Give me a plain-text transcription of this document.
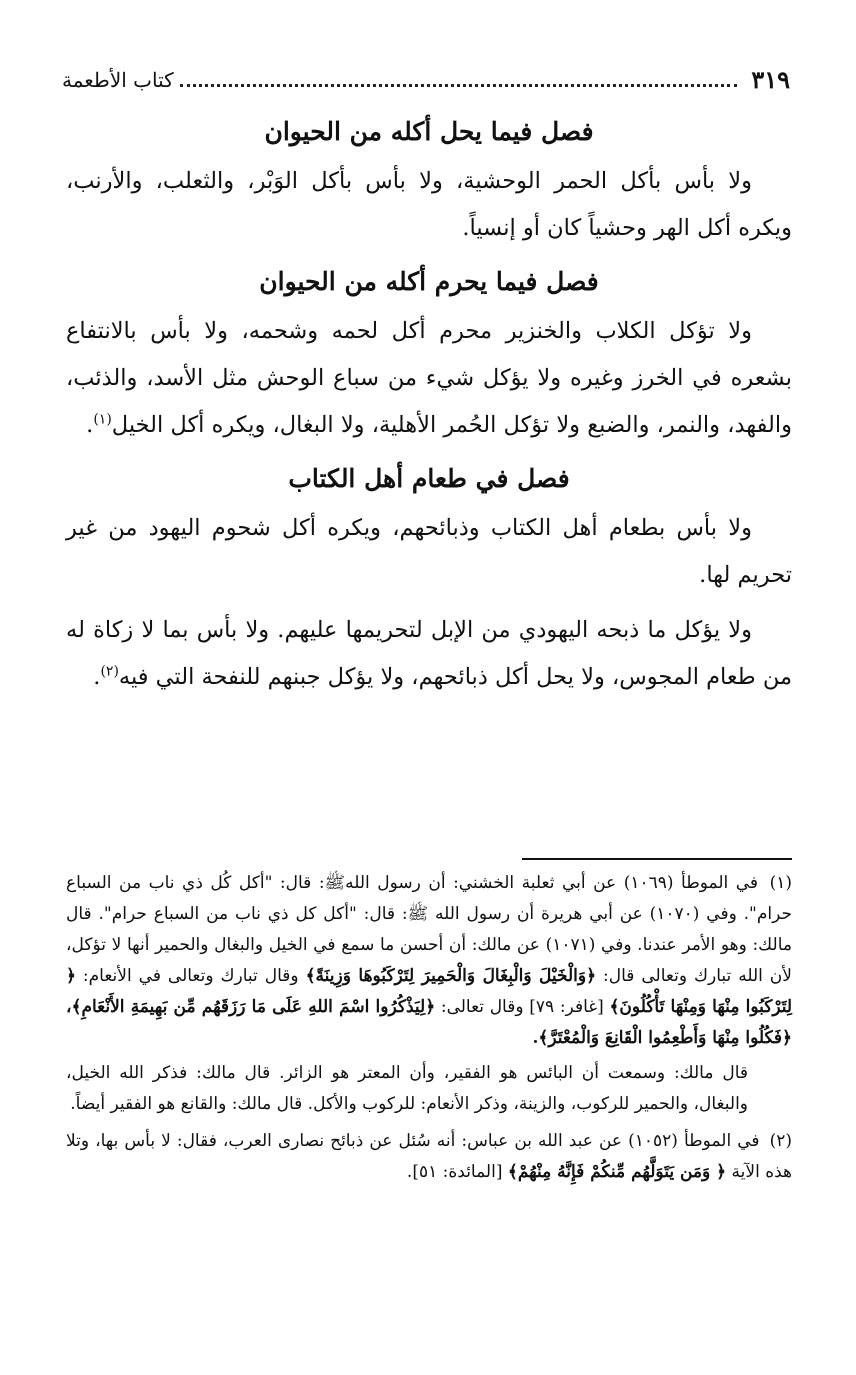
٣١٩
كتاب الأطعمة
فصل فيما يحل أكله من الحيوان

ولا بأس بأكل الحمر الوحشية، ولا بأس بأكل الوَبْر، والثعلب، والأرنب، ويكره أكل الهر وحشياً كان أو إنسياً.

فصل فيما يحرم أكله من الحيوان

ولا تؤكل الكلاب والخنزير محرم أكل لحمه وشحمه، ولا بأس بالانتفاع بشعره في الخرز وغيره ولا يؤكل شيء من سباع الوحش مثل الأسد، والذئب، والفهد، والنمر، والضبع ولا تؤكل الحُمر الأهلية، ولا البغال، ويكره أكل الخيل$^{(١)}$.

فصل في طعام أهل الكتاب

ولا بأس بطعام أهل الكتاب وذبائحهم، ويكره أكل شحوم اليهود من غير تحريم لها.

ولا يؤكل ما ذبحه اليهودي من الإبل لتحريمها عليهم. ولا بأس بما لا زكاة له من طعام المجوس، ولا يحل أكل ذبائحهم، ولا يؤكل جبنهم للنفحة التي فيه$^{(٢)}$.

(١) في الموطأ (١٠٦٩) عن أبي ثعلبة الخشني: أن رسول اللهﷺ: قال: "أكل كُل ذي ناب من السباع حرام". وفي (١٠٧٠) عن أبي هريرة أن رسول الله ﷺ: قال: "أكل كل ذي ناب من السباع حرام". قال مالك: وهو الأمر عندنا. وفي (١٠٧١) عن مالك: أن أحسن ما سمع في الخيل والبغال والحمير أنها لا تؤكل، لأن الله تبارك وتعالى قال: ﴿وَالْخَيْلَ وَالْبِغَالَ وَالْحَمِيرَ لِتَرْكَبُوهَا وَزِينَةً﴾ وقال تبارك وتعالى في الأنعام: ﴿ لِتَرْكَبُوا مِنْهَا وَمِنْهَا تَأْكُلُونَ﴾ [غافر: ٧٩] وقال تعالى: ﴿لِيَذْكُرُوا اسْمَ اللهِ عَلَى مَا رَزَقَهُم مِّن بَهِيمَةِ الأَنْعَامِ﴾، ﴿فَكُلُوا مِنْهَا وَأَطْعِمُوا الْقَانِعَ وَالْمُعْتَرَّ﴾.

قال مالك: وسمعت أن البائس هو الفقير، وأن المعتر هو الزائر. قال مالك: فذكر الله الخيل، والبغال، والحمير للركوب، والزينة، وذكر الأنعام: للركوب والأكل. قال مالك: والقانع هو الفقير أيضاً.

(٢) في الموطأ (١٠٥٢) عن عبد الله بن عباس: أنه سُئل عن ذبائح نصارى العرب، فقال: لا بأس بها، وتلا هذه الآية ﴿ وَمَن يَتَوَلَّهُم مِّنكُمْ فَإِنَّهُ مِنْهُمْ﴾ [المائدة: ٥١].
